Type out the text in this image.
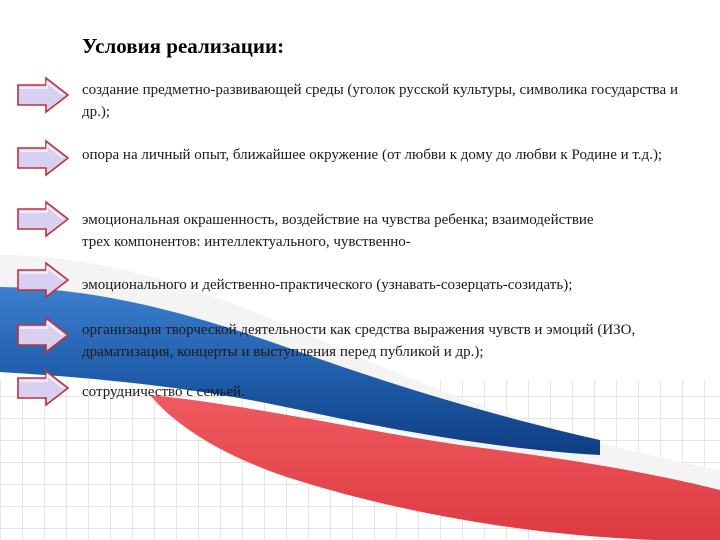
Условия реализации:
создание предметно-развивающей среды (уголок русской культуры, символика государства и др.);
опора на личный опыт, ближайшее окружение (от любви к дому до любви к Родине и т.д.);
эмоциональная окрашенность, воздействие на чувства ребенка; взаимодействие трех компонентов: интеллектуального, чувственно-
эмоционального и действенно-практического (узнавать-созерцать-созидать);
организация творческой деятельности как средства выражения чувств и эмоций (ИЗО, драматизация, концерты и выступления перед публикой и др.);
сотрудничество с семьей.
